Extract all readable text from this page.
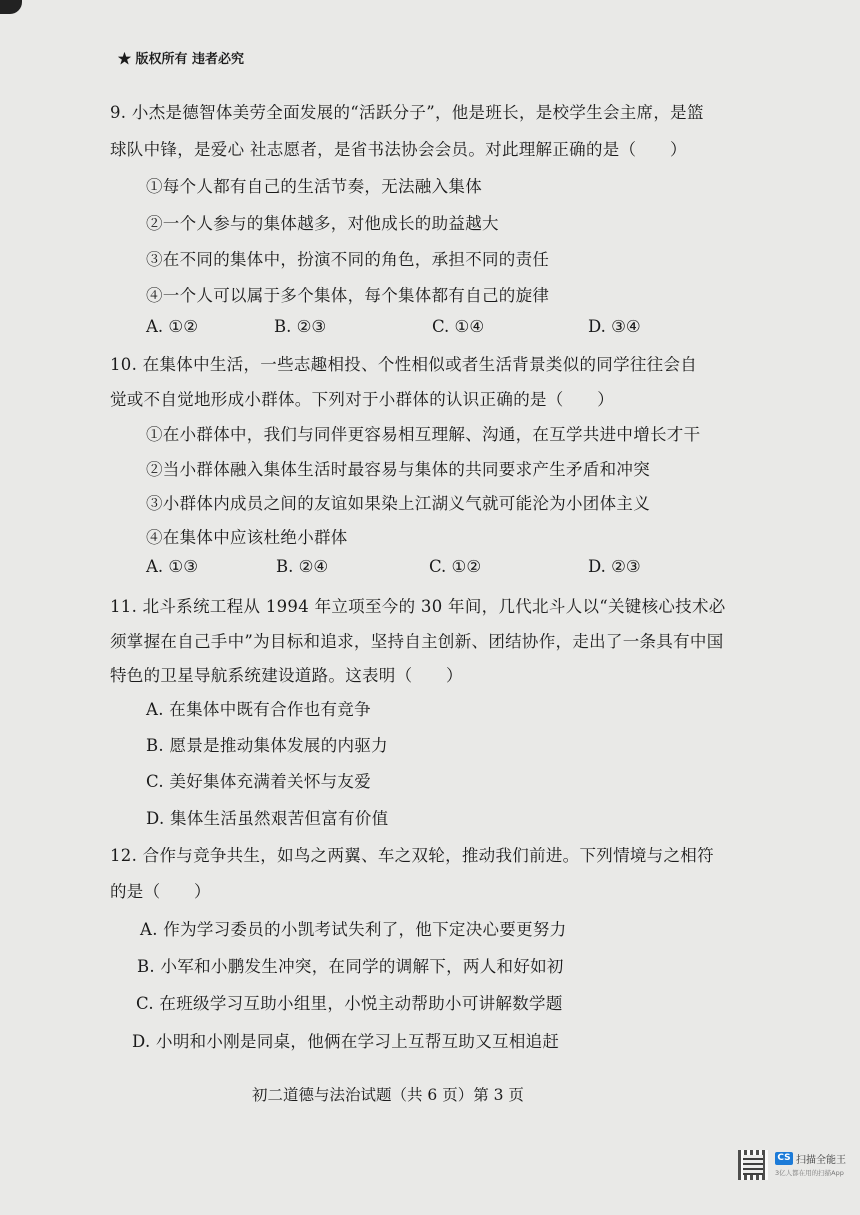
★ 版权所有 违者必究
9. 小杰是德智体美劳全面发展的“活跃分子”，他是班长，是校学生会主席，是篮
球队中锋，是爱心 社志愿者，是省书法协会会员。对此理解正确的是（　　）
①每个人都有自己的生活节奏，无法融入集体
②一个人参与的集体越多，对他成长的助益越大
③在不同的集体中，扮演不同的角色，承担不同的责任
④一个人可以属于多个集体，每个集体都有自己的旋律
A. ①②	B. ②③	C. ①④	D. ③④
10. 在集体中生活，一些志趣相投、个性相似或者生活背景类似的同学往往会自
觉或不自觉地形成小群体。下列对于小群体的认识正确的是（　　）
①在小群体中，我们与同伴更容易相互理解、沟通，在互学共进中增长才干
②当小群体融入集体生活时最容易与集体的共同要求产生矛盾和冲突
③小群体内成员之间的友谊如果染上江湖义气就可能沦为小团体主义
④在集体中应该杜绝小群体
A. ①③	B. ②④	C. ①②	D. ②③
11. 北斗系统工程从 1994 年立项至今的 30 年间，几代北斗人以“关键核心技术必
须掌握在自己手中”为目标和追求，坚持自主创新、团结协作，走出了一条具有中国
特色的卫星导航系统建设道路。这表明（　　）
A. 在集体中既有合作也有竞争
B. 愿景是推动集体发展的内驱力
C. 美好集体充满着关怀与友爱
D. 集体生活虽然艰苦但富有价值
12. 合作与竞争共生，如鸟之两翼、车之双轮，推动我们前进。下列情境与之相符
的是（　　）
A. 作为学习委员的小凯考试失利了，他下定决心要更努力
B. 小军和小鹏发生冲突，在同学的调解下，两人和好如初
C. 在班级学习互助小组里，小悦主动帮助小可讲解数学题
D. 小明和小刚是同桌，他俩在学习上互帮互助又互相追赶
初二道德与法治试题（共 6 页）第 3 页
CS 扫描全能王
3亿人都在用的扫描App
